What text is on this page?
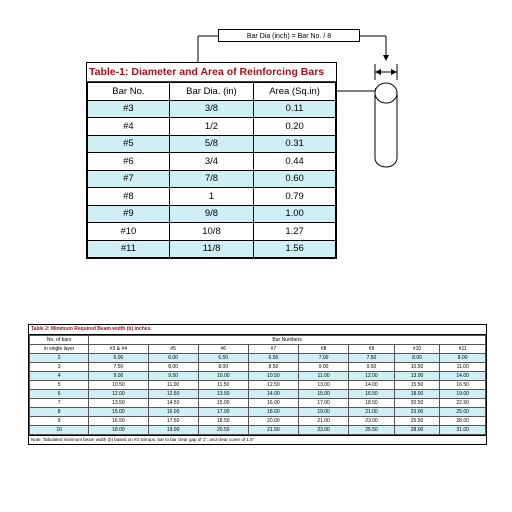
Bar Dia (inch) = Bar No. / 8
Table-1: Diameter and Area of Reinforcing Bars
Bar No.	Bar Dia. (in)	Area (Sq.in)
#3	3/8	0.11
#4	1/2	0.20
#5	5/8	0.31
#6	3/4	0.44
#7	7/8	0.60
#8	1	0.79
#9	9/8	1.00
#10	10/8	1.27
#11	11/8	1.56
Table 2: Minimum Required Beam width (b) inches.
No. of bars	Bar Numbers							
in single layer	#3 & #4	#5	#6	#7	#8	#9	#10	#11
2	6.00	6.00	6.50	6.50	7.00	7.50	8.00	8.00
3	7.50	8.00	8.00	8.50	9.00	9.50	10.50	11.00
4	9.00	9.50	10.00	10.50	11.00	12.00	13.00	14.00
5	10.50	11.00	11.50	12.50	13.00	14.00	15.50	16.50
6	12.00	12.50	13.50	14.00	15.00	16.50	18.00	19.00
7	13.50	14.50	15.00	16.00	17.00	18.50	20.50	22.50
8	15.00	16.00	17.00	18.00	19.00	21.00	23.00	25.00
9	16.50	17.50	18.50	20.00	21.00	23.00	25.50	28.00
10	18.00	19.00	20.50	21.50	23.00	25.50	28.00	31.00
Note: Tabulated minimum beam width (b) based on #3 stirrups, bar to bar clear gap of 1", and clear cover of 1.5"
